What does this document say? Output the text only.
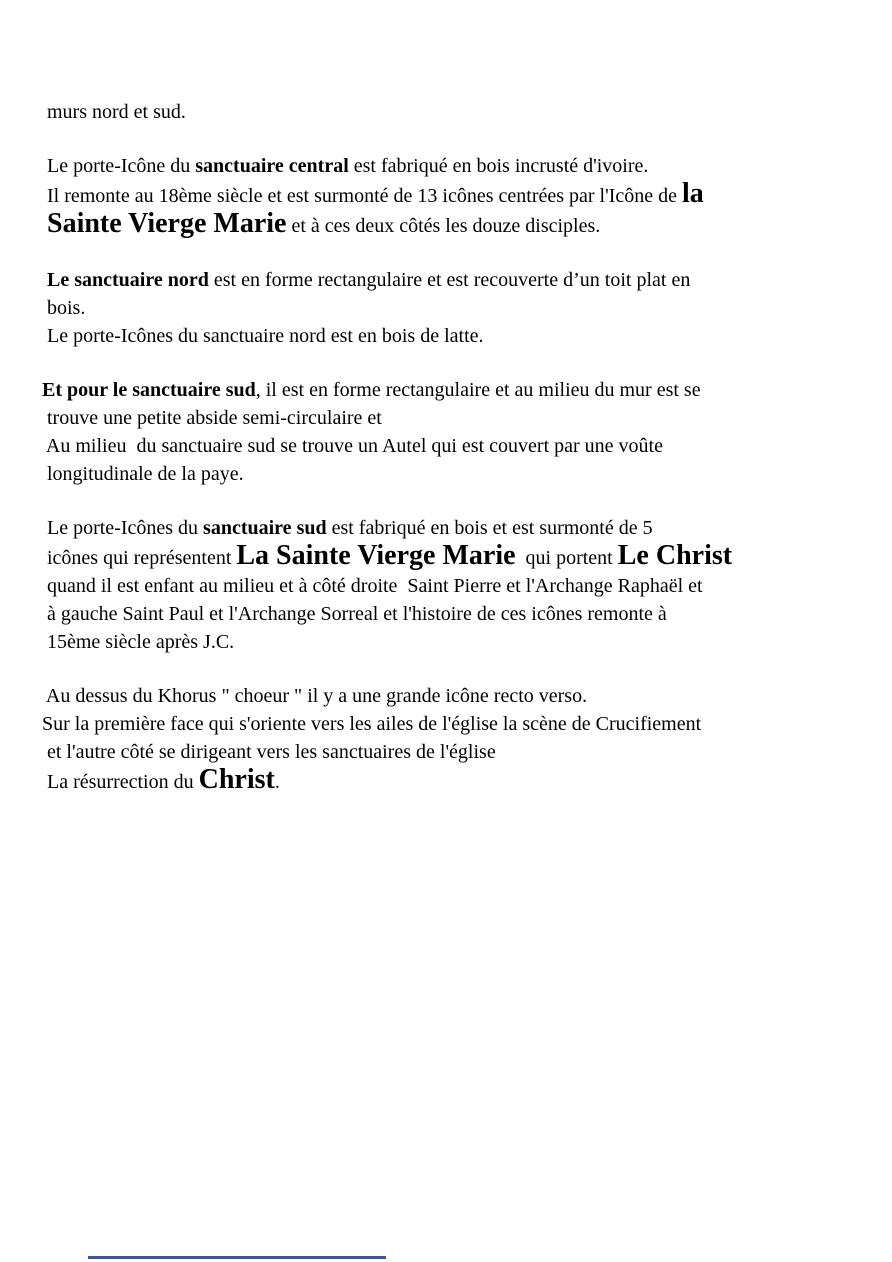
murs nord et sud.

Le porte-Icône du sanctuaire central est fabriqué en bois incrusté d'ivoire.
Il remonte au 18ème siècle et est surmonté de 13 icônes centrées par l'Icône de la
Sainte Vierge Marie et à ces deux côtés les douze disciples.

Le sanctuaire nord est en forme rectangulaire et est recouverte d’un toit plat en
bois.
Le porte-Icônes du sanctuaire nord est en bois de latte.

Et pour le sanctuaire sud, il est en forme rectangulaire et au milieu du mur est se
trouve une petite abside semi-circulaire et
Au milieu  du sanctuaire sud se trouve un Autel qui est couvert par une voûte
longitudinale de la paye.

Le porte-Icônes du sanctuaire sud est fabriqué en bois et est surmonté de 5
icônes qui représentent La Sainte Vierge Marie  qui portent Le Christ
quand il est enfant au milieu et à côté droite  Saint Pierre et l'Archange Raphaël et
à gauche Saint Paul et l'Archange Sorreal et l'histoire de ces icônes remonte à
15ème siècle après J.C.

Au dessus du Khorus " choeur " il y a une grande icône recto verso.
Sur la première face qui s'oriente vers les ailes de l'église la scène de Crucifiement
et l'autre côté se dirigeant vers les sanctuaires de l'église
La résurrection du Christ.
